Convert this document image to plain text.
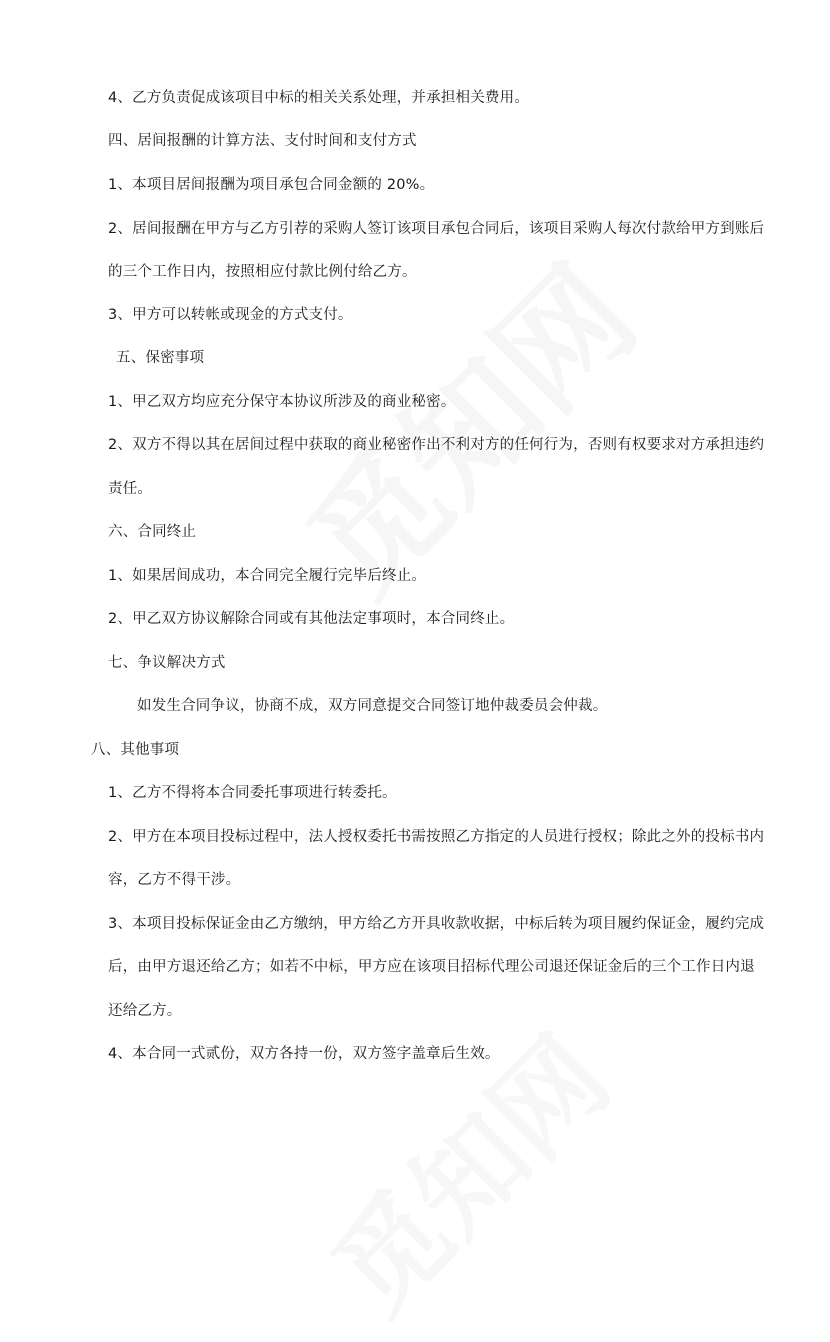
4、乙方负责促成该项目中标的相关关系处理，并承担相关费用。
四、居间报酬的计算方法、支付时间和支付方式
1、本项目居间报酬为项目承包合同金额的 20%。
2、居间报酬在甲方与乙方引荐的采购人签订该项目承包合同后，该项目采购人每次付款给甲方到账后
的三个工作日内，按照相应付款比例付给乙方。
3、甲方可以转帐或现金的方式支付。
五、保密事项
1、甲乙双方均应充分保守本协议所涉及的商业秘密。
2、双方不得以其在居间过程中获取的商业秘密作出不利对方的任何行为，否则有权要求对方承担违约
责任。
六、合同终止
1、如果居间成功，本合同完全履行完毕后终止。
2、甲乙双方协议解除合同或有其他法定事项时，本合同终止。
七、争议解决方式
如发生合同争议，协商不成，双方同意提交合同签订地仲裁委员会仲裁。
八、其他事项
1、乙方不得将本合同委托事项进行转委托。
2、甲方在本项目投标过程中，法人授权委托书需按照乙方指定的人员进行授权；除此之外的投标书内
容，乙方不得干涉。
3、本项目投标保证金由乙方缴纳，甲方给乙方开具收款收据，中标后转为项目履约保证金，履约完成
后，由甲方退还给乙方；如若不中标，甲方应在该项目招标代理公司退还保证金后的三个工作日内退
还给乙方。
4、本合同一式贰份，双方各持一份，双方签字盖章后生效。
